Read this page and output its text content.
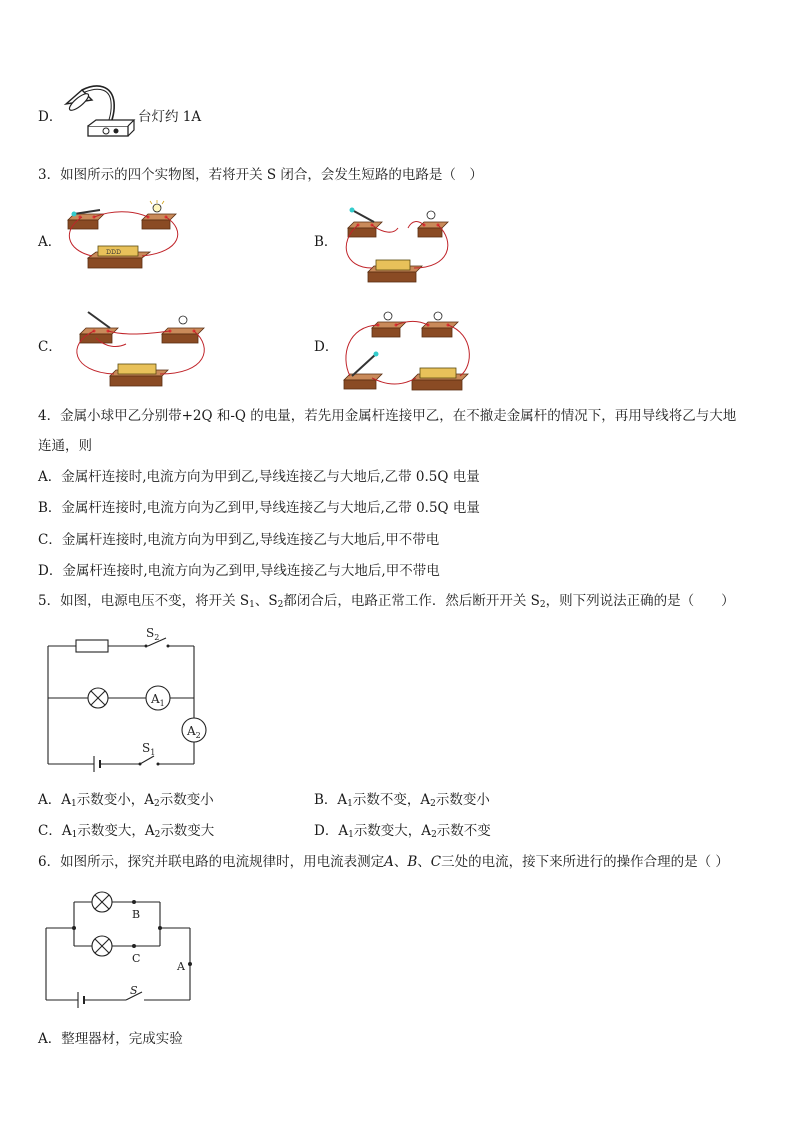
D．	台灯约 1A
3．如图所示的四个实物图，若将开关 S 闭合，会发生短路的电路是（　）
A．
ᗪᗪᗪ
B．
C．	D．
4．金属小球甲乙分别带+2Q 和-Q 的电量，若先用金属杆连接甲乙，在不撤走金属杆的情况下，再用导线将乙与大地
连通，则
A．金属杆连接时,电流方向为甲到乙,导线连接乙与大地后,乙带 0.5Q 电量
B．金属杆连接时,电流方向为乙到甲,导线连接乙与大地后,乙带 0.5Q 电量
C．金属杆连接时,电流方向为甲到乙,导线连接乙与大地后,甲不带电
D．金属杆连接时,电流方向为乙到甲,导线连接乙与大地后,甲不带电
5．如图，电源电压不变，将开关 $S_1$、$S_2$都闭合后，电路正常工作．然后断开开关 $S_2$，则下列说法正确的是（　　）
$S_2$
$A_1$
$A_2$
$S_1$
A．$A_1$示数变小，$A_2$示数变小	B．$A_1$示数不变，$A_2$示数变小
C．$A_1$示数变大，$A_2$示数变大	D．$A_1$示数变大，$A_2$示数不变
6．如图所示，探究并联电路的电流规律时，用电流表测定A、B、C三处的电流，接下来所进行的操作合理的是（ ）
B
C
A
S
A．整理器材，完成实验
